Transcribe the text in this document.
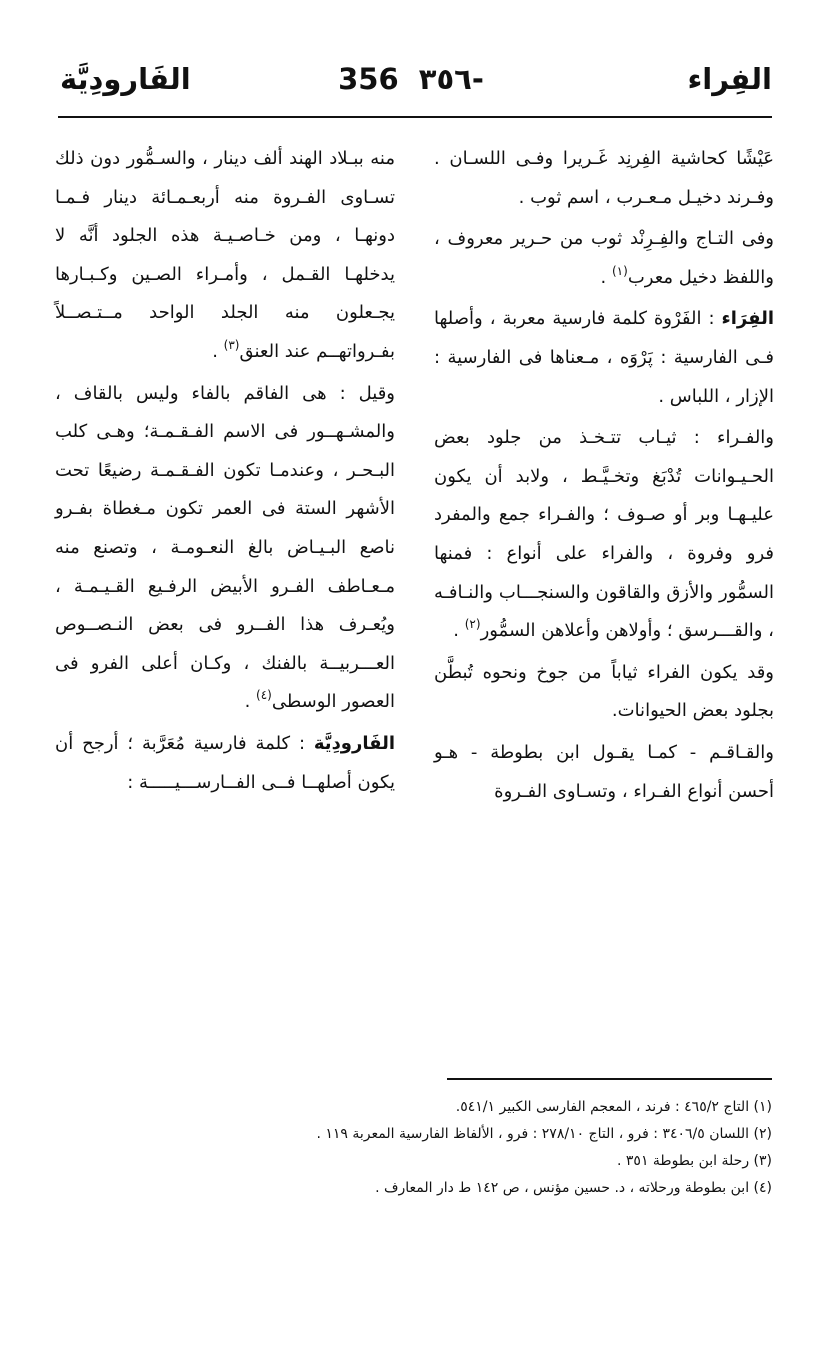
الفِراء
356 ٣٥٦-
الفَارودِيَّة

عَيْشًا كحاشية الفِرنِد غَـريرا وفـى اللسـان . وفـرند دخيـل مـعـرب ، اسم ثوب .

وفى التـاج والفِـرِنْد ثوب من حـرير معروف ، واللفظ دخيل معرب$^{(١)}$ .

الفِرَاء : الفَرْوة كلمة فارسية معربة ، وأصلها فـى الفارسية : پَرْوَه ، مـعناها فى الفارسية : الإزار ، اللباس .

والفـراء : ثيـاب تتـخـذ من جلود بعض الحـيـوانات تُدْبَغ وتخـيَّـط ، ولابد أن يكون عليـهـا وبر أو صـوف ؛ والفـراء جمع والمفرد فرو وفروة ، والفراء على أنواع : فمنها السمُّور والأزق والقاقون والسنجـــاب والنـافـه ، والقـــرسق ؛ وأولاهن وأعلاهن السمُّور$^{(٢)}$ .

وقد يكون الفراء ثياباً من جوخ ونحوه تُبطَّن بجلود بعض الحيوانات.

والقـاقـم - كمـا يقـول ابن بطوطة - هـو أحسن أنواع الفـراء ، وتسـاوى الفـروة

منه ببـلاد الهند ألف دينار ، والسـمُّور دون ذلك تسـاوى الفـروة منه أربعـمـائة دينار فـمـا دونهـا ، ومن خـاصـيـة هذه الجلود أنَّه لا يدخلهـا القـمل ، وأمـراء الصـين وكـبـارها يجـعلون منه الجلد الواحد مــتـصــلاً بفـرواتهــم عند العنق$^{(٣)}$ .

وقيل : هى الفاقم بالفاء وليس بالقاف ، والمشـهــور فى الاسم الفـقـمـة؛ وهـى كلب البـحـر ، وعندمـا تكون الفـقـمـة رضيعًا تحت الأشهر الستة فى العمر تكون مـغطاة بفـرو ناصع البـيـاض بالغ النعـومـة ، وتصنع منه مـعـاطف الفـرو الأبيض الرفـيع القـيـمـة ، ويُعـرف هذا الفــرو فى بعض النـصــوص العـــربيــة بالفنك ، وكـان أعلى الفرو فى العصور الوسطى$^{(٤)}$ .

الفَارودِيَّة : كلمة فارسية مُعَرَّبة ؛ أرجح أن يكون أصلهــا فــى الفــارســـيـــــة :

(١) التاج ٤٦٥/٢ : فرند ، المعجم الفارسى الكبير ٥٤١/١.
(٢) اللسان ٣٤٠٦/٥ : فرو ، التاج ٢٧٨/١٠ : فرو ، الألفاظ الفارسية المعربة ١١٩ .
(٣) رحلة ابن بطوطة ٣٥١ .
(٤) ابن بطوطة ورحلاته ، د. حسين مؤنس ، ص ١٤٢ ط دار المعارف .
